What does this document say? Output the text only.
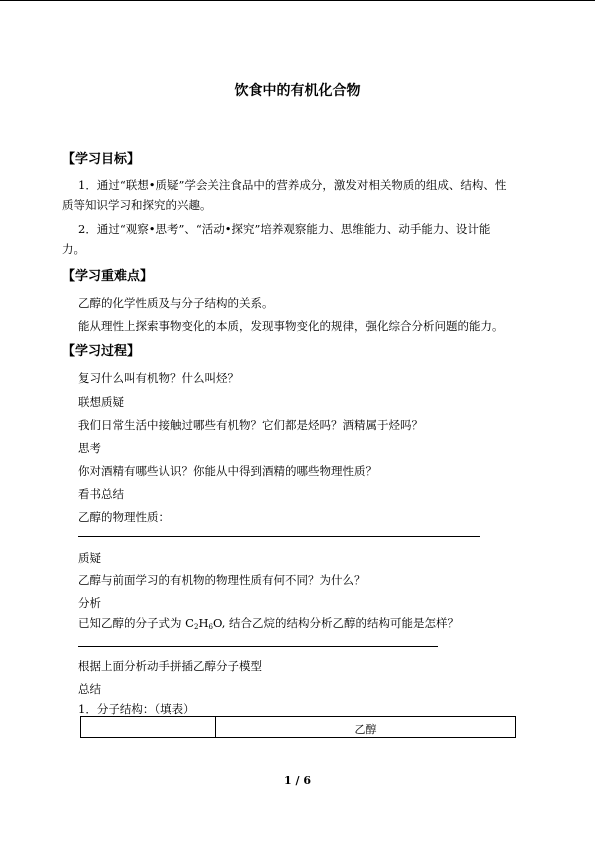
饮食中的有机化合物
【学习目标】
1．通过“联想•质疑”学会关注食品中的营养成分，激发对相关物质的组成、结构、性
质等知识学习和探究的兴趣。
2．通过“观察•思考”、“活动•探究”培养观察能力、思维能力、动手能力、设计能
力。
【学习重难点】
乙醇的化学性质及与分子结构的关系。
能从理性上探索事物变化的本质，发现事物变化的规律，强化综合分析问题的能力。
【学习过程】
复习什么叫有机物？什么叫烃？
联想质疑
我们日常生活中接触过哪些有机物？它们都是烃吗？酒精属于烃吗？
思考
你对酒精有哪些认识？你能从中得到酒精的哪些物理性质？
看书总结
乙醇的物理性质：
质疑
乙醇与前面学习的有机物的物理性质有何不同？为什么？
分析
已知乙醇的分子式为 $C_2H_6O$, 结合乙烷的结构分析乙醇的结构可能是怎样？
根据上面分析动手拼插乙醇分子模型
总结
1．分子结构：（填表）
乙醇
1 / 6
